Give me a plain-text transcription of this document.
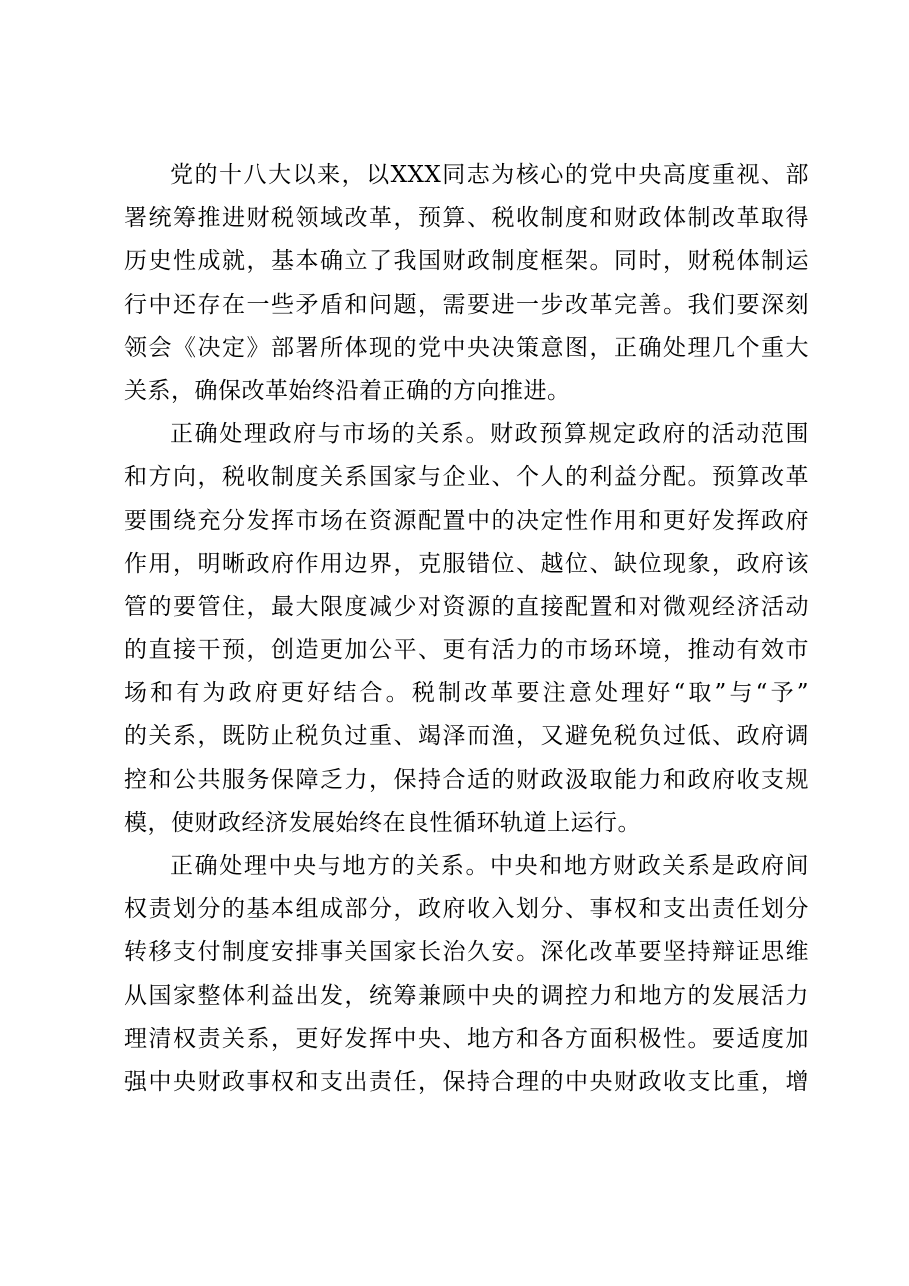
党的十八大以来，以XXX同志为核心的党中央高度重视、部
署统筹推进财税领域改革，预算、税收制度和财政体制改革取得
历史性成就，基本确立了我国财政制度框架。同时，财税体制运
行中还存在一些矛盾和问题，需要进一步改革完善。我们要深刻
领会《决定》部署所体现的党中央决策意图，正确处理几个重大
关系，确保改革始终沿着正确的方向推进。
正确处理政府与市场的关系。财政预算规定政府的活动范围
和方向，税收制度关系国家与企业、个人的利益分配。预算改革
要围绕充分发挥市场在资源配置中的决定性作用和更好发挥政府
作用，明晰政府作用边界，克服错位、越位、缺位现象，政府该
管的要管住，最大限度减少对资源的直接配置和对微观经济活动
的直接干预，创造更加公平、更有活力的市场环境，推动有效市
场和有为政府更好结合。税制改革要注意处理好“取”与“予”
的关系，既防止税负过重、竭泽而渔，又避免税负过低、政府调
控和公共服务保障乏力，保持合适的财政汲取能力和政府收支规
模，使财政经济发展始终在良性循环轨道上运行。
正确处理中央与地方的关系。中央和地方财政关系是政府间
权责划分的基本组成部分，政府收入划分、事权和支出责任划分
转移支付制度安排事关国家长治久安。深化改革要坚持辩证思维
从国家整体利益出发，统筹兼顾中央的调控力和地方的发展活力
理清权责关系，更好发挥中央、地方和各方面积极性。要适度加
强中央财政事权和支出责任，保持合理的中央财政收支比重，增
